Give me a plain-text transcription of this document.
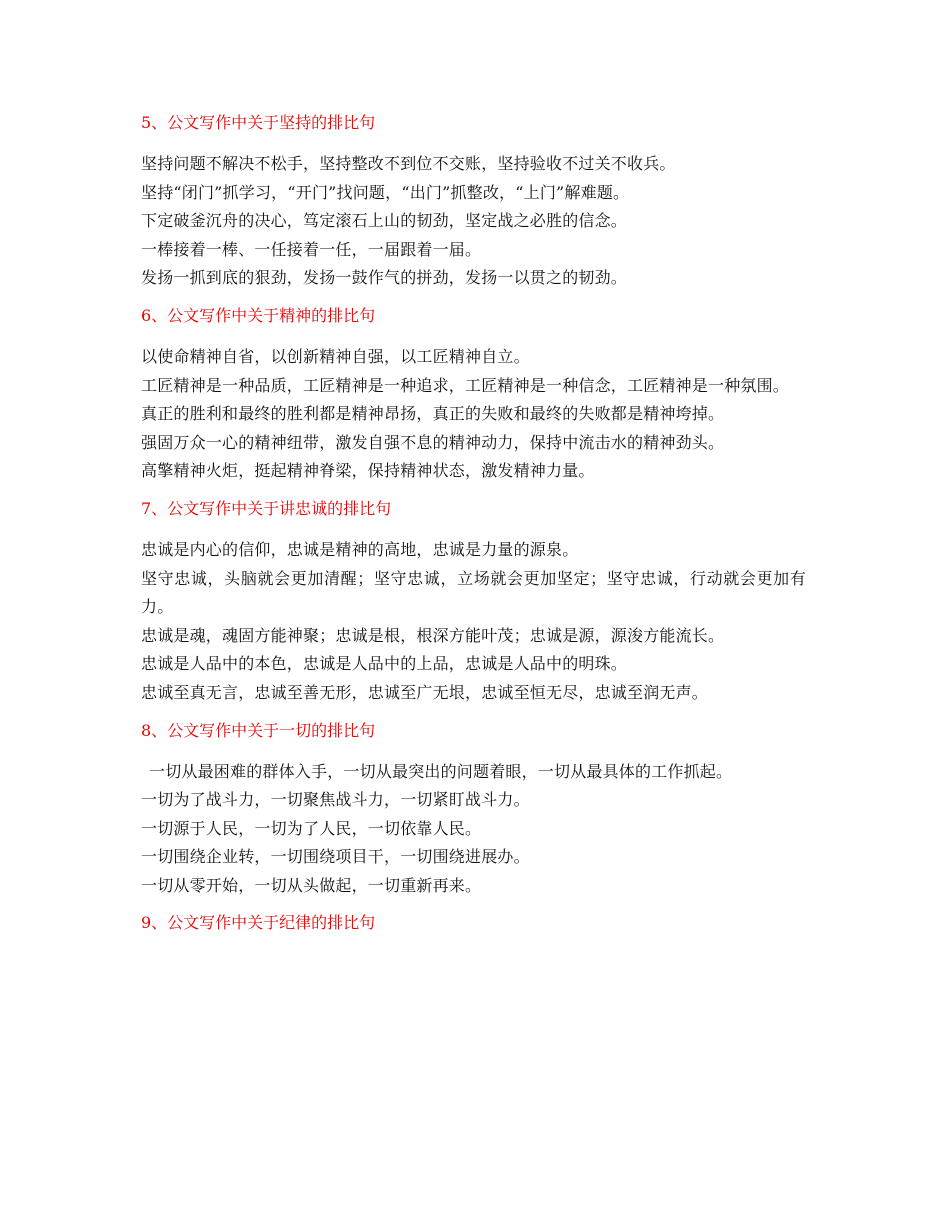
5、公文写作中关于坚持的排比句

坚持问题不解决不松手，坚持整改不到位不交账，坚持验收不过关不收兵。

坚持“闭门”抓学习，“开门”找问题，“出门”抓整改，“上门”解难题。

下定破釜沉舟的决心，笃定滚石上山的韧劲，坚定战之必胜的信念。

一棒接着一棒、一任接着一任，一届跟着一届。

发扬一抓到底的狠劲，发扬一鼓作气的拼劲，发扬一以贯之的韧劲。

6、公文写作中关于精神的排比句

以使命精神自省，以创新精神自强，以工匠精神自立。

工匠精神是一种品质，工匠精神是一种追求，工匠精神是一种信念，工匠精神是一种氛围。

真正的胜利和最终的胜利都是精神昂扬，真正的失败和最终的失败都是精神垮掉。

强固万众一心的精神纽带，激发自强不息的精神动力，保持中流击水的精神劲头。

高擎精神火炬，挺起精神脊梁，保持精神状态，激发精神力量。

7、公文写作中关于讲忠诚的排比句

忠诚是内心的信仰，忠诚是精神的高地，忠诚是力量的源泉。

坚守忠诚，头脑就会更加清醒；坚守忠诚，立场就会更加坚定；坚守忠诚，行动就会更加有力。

忠诚是魂，魂固方能神聚；忠诚是根，根深方能叶茂；忠诚是源，源浚方能流长。

忠诚是人品中的本色，忠诚是人品中的上品，忠诚是人品中的明珠。

忠诚至真无言，忠诚至善无形，忠诚至广无垠，忠诚至恒无尽，忠诚至润无声。

8、公文写作中关于一切的排比句

一切从最困难的群体入手，一切从最突出的问题着眼，一切从最具体的工作抓起。

一切为了战斗力，一切聚焦战斗力，一切紧盯战斗力。

一切源于人民，一切为了人民，一切依靠人民。

一切围绕企业转，一切围绕项目干，一切围绕进展办。

一切从零开始，一切从头做起，一切重新再来。

9、公文写作中关于纪律的排比句
